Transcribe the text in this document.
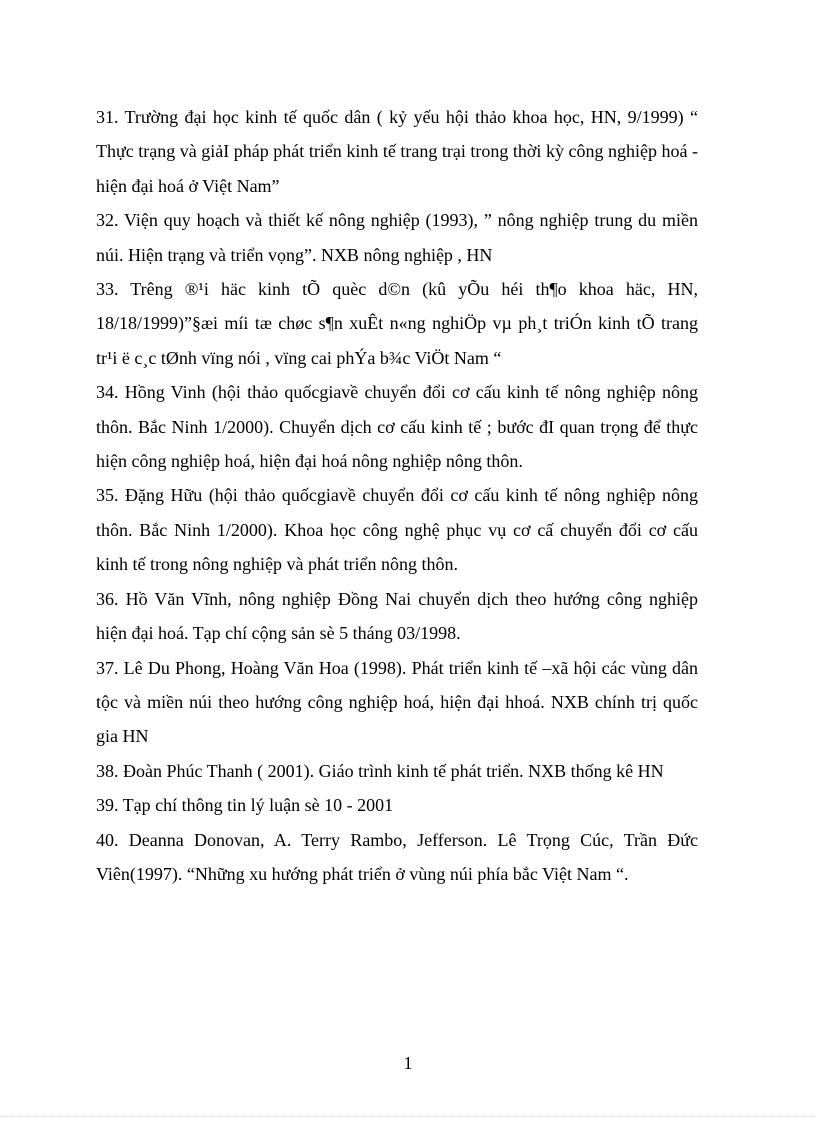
31. Trường đại học kinh tế quốc dân ( kỷ yếu hội thảo khoa học, HN, 9/1999) “ Thực trạng và giảI pháp phát triển kinh tế trang trại trong thời kỳ công nghiệp hoá - hiện đại hoá ở Việt Nam”

32. Viện quy hoạch và thiết kế nông nghiệp (1993), ” nông nghiệp trung du miền núi. Hiện trạng và triển vọng”. NXB nông nghiệp , HN

33. Trêng ®¹i häc kinh tÕ quèc d©n (kû yÕu héi th¶o khoa häc, HN, 18/18/1999)”§æi míi tæ chøc s¶n xuÊt n«ng nghiÖp vµ ph¸t triÓn kinh tÕ trang tr¹i ë c¸c tØnh vïng nói , vïng cai phÝa b¾c ViÖt Nam “

34. Hồng Vinh (hội thảo quốcgiavề chuyển đổi cơ cấu kinh tế nông nghiệp nông thôn. Bắc Ninh 1/2000). Chuyển dịch cơ cấu kinh tế ; bước đI quan trọng để thực hiện công nghiệp hoá, hiện đại hoá nông nghiệp nông thôn.

35. Đặng Hữu (hội thảo quốcgiavề chuyển đổi cơ cấu kinh tế nông nghiệp nông thôn. Bắc Ninh 1/2000). Khoa học công nghệ phục vụ cơ cấ chuyển đổi cơ cấu kinh tế trong nông nghiệp và phát triển nông thôn.

36. Hồ Văn Vĩnh, nông nghiệp Đồng Nai chuyển dịch theo hướng công nghiệp hiện đại hoá. Tạp chí cộng sản sè 5 tháng 03/1998.

37. Lê Du Phong, Hoàng Văn Hoa (1998). Phát triển kinh tế –xã hội các vùng dân tộc và miền núi theo hướng công nghiệp hoá, hiện đại hhoá. NXB chính trị quốc gia HN

38. Đoàn Phúc Thanh ( 2001). Giáo trình kinh tế phát triển. NXB thống kê HN

39. Tạp chí thông tin lý luận sè 10 - 2001

40. Deanna Donovan, A. Terry Rambo, Jefferson. Lê Trọng Cúc, Trần Đức Viên(1997). “Những xu hướng phát triển ở vùng núi phía bắc Việt Nam “.

1
